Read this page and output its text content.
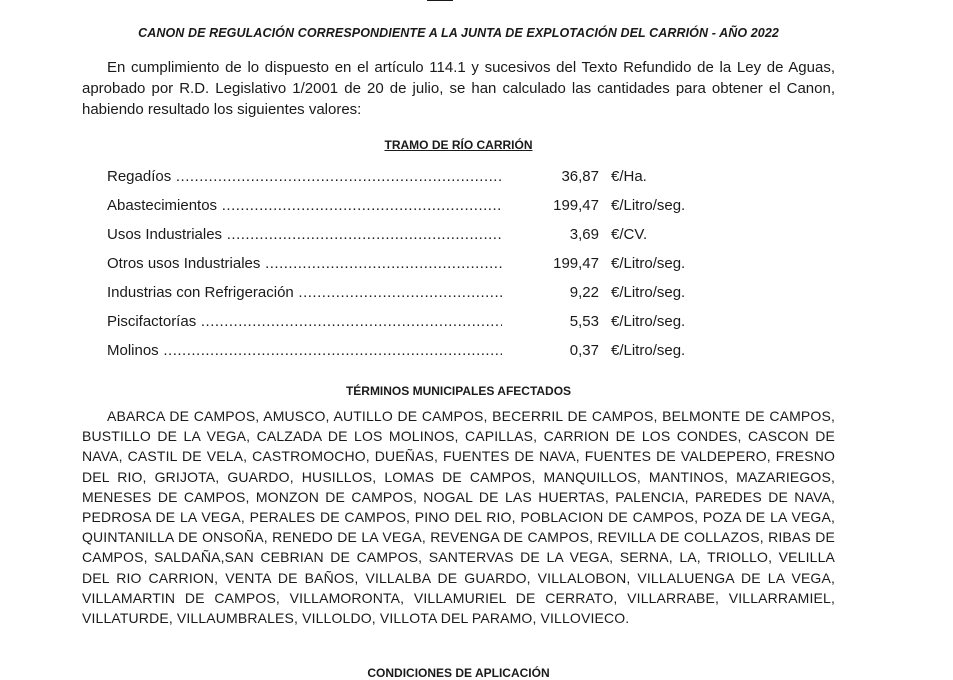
CANON DE REGULACIÓN CORRESPONDIENTE A LA JUNTA DE EXPLOTACIÓN DEL CARRIÓN - AÑO 2022

En cumplimiento de lo dispuesto en el artículo 114.1 y sucesivos del Texto Refundido de la Ley de Aguas, aprobado por R.D. Legislativo 1/2001 de 20 de julio, se han calculado las cantidades para obtener el Canon, habiendo resultado los siguientes valores:

TRAMO DE RÍO CARRIÓN
Regadíos .....	36,87 €/Ha.
Abastecimientos .....	199,47 €/Litro/seg.
Usos Industriales .....	3,69 €/CV.
Otros usos Industriales .....	199,47 €/Litro/seg.
Industrias con Refrigeración .....	9,22 €/Litro/seg.
Piscifactorías .....	5,53 €/Litro/seg.
Molinos .....	0,37 €/Litro/seg.
TÉRMINOS MUNICIPALES AFECTADOS

ABARCA DE CAMPOS, AMUSCO, AUTILLO DE CAMPOS, BECERRIL DE CAMPOS, BELMONTE DE CAMPOS, BUSTILLO DE LA VEGA, CALZADA DE LOS MOLINOS, CAPILLAS, CARRION DE LOS CONDES, CASCON DE NAVA, CASTIL DE VELA, CASTROMOCHO, DUEÑAS, FUENTES DE NAVA, FUENTES DE VALDEPERO, FRESNO DEL RIO, GRIJOTA, GUARDO, HUSILLOS, LOMAS DE CAMPOS, MANQUILLOS, MANTINOS, MAZARIEGOS, MENESES DE CAMPOS, MONZON DE CAMPOS, NOGAL DE LAS HUERTAS, PALENCIA, PAREDES DE NAVA, PEDROSA DE LA VEGA, PERALES DE CAMPOS, PINO DEL RIO, POBLACION DE CAMPOS, POZA DE LA VEGA, QUINTANILLA DE ONSOÑA, RENEDO DE LA VEGA, REVENGA DE CAMPOS, REVILLA DE COLLAZOS, RIBAS DE CAMPOS, SALDAÑA,SAN CEBRIAN DE CAMPOS, SANTERVAS DE LA VEGA, SERNA, LA, TRIOLLO, VELILLA DEL RIO CARRION, VENTA DE BAÑOS, VILLALBA DE GUARDO, VILLALOBON, VILLALUENGA DE LA VEGA, VILLAMARTIN DE CAMPOS, VILLAMORONTA, VILLAMURIEL DE CERRATO, VILLARRABE, VILLARRAMIEL, VILLATURDE, VILLAUMBRALES, VILLOLDO, VILLOTA DEL PARAMO, VILLOVIECO.

CONDICIONES DE APLICACIÓN
